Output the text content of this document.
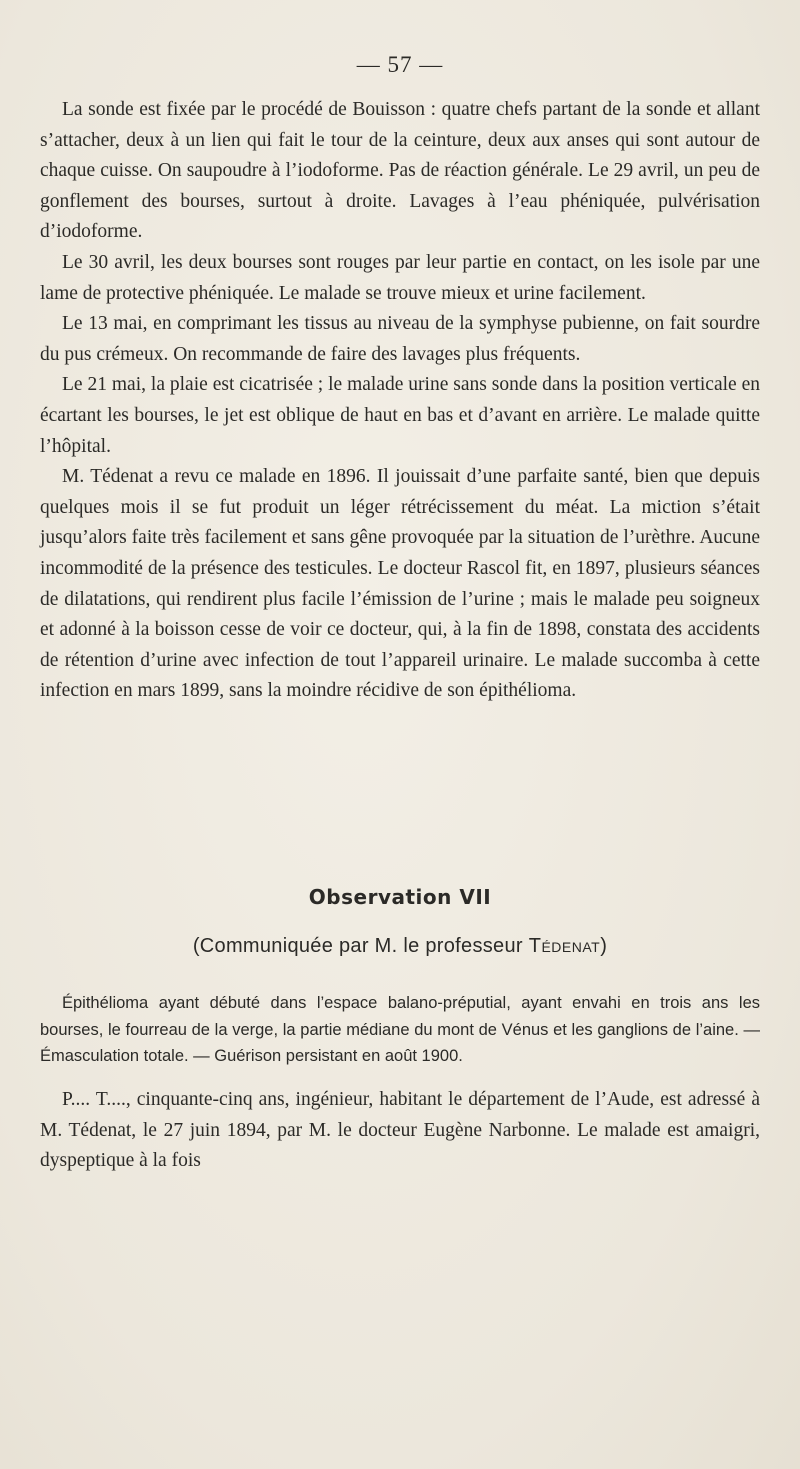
— 57 —

La sonde est fixée par le procédé de Bouisson : quatre chefs partant de la sonde et allant s’attacher, deux à un lien qui fait le tour de la ceinture, deux aux anses qui sont autour de chaque cuisse. On saupoudre à l’iodoforme. Pas de réaction générale. Le 29 avril, un peu de gonflement des bourses, surtout à droite. Lavages à l’eau phéniquée, pulvérisation d’iodoforme.

Le 30 avril, les deux bourses sont rouges par leur partie en contact, on les isole par une lame de protective phéniquée. Le malade se trouve mieux et urine facilement.

Le 13 mai, en comprimant les tissus au niveau de la symphyse pubienne, on fait sourdre du pus crémeux. On recommande de faire des lavages plus fréquents.

Le 21 mai, la plaie est cicatrisée ; le malade urine sans sonde dans la position verticale en écartant les bourses, le jet est oblique de haut en bas et d’avant en arrière. Le malade quitte l’hôpital.

M. Tédenat a revu ce malade en 1896. Il jouissait d’une parfaite santé, bien que depuis quelques mois il se fut produit un léger rétrécissement du méat. La miction s’était jusqu’alors faite très facilement et sans gêne provoquée par la situation de l’urèthre. Aucune incommodité de la présence des testicules. Le docteur Rascol fit, en 1897, plusieurs séances de dilatations, qui rendirent plus facile l’émission de l’urine ; mais le malade peu soigneux et adonné à la boisson cesse de voir ce docteur, qui, à la fin de 1898, constata des accidents de rétention d’urine avec infection de tout l’appareil urinaire. Le malade succomba à cette infection en mars 1899, sans la moindre récidive de son épithélioma.

Observation VII
(Communiquée par M. le professeur Tédenat)

Épithélioma ayant débuté dans l’espace balano-préputial, ayant envahi en trois ans les bourses, le fourreau de la verge, la partie médiane du mont de Vénus et les ganglions de l’aine. — Émasculation totale. — Guérison persistant en août 1900.

P.... T...., cinquante-cinq ans, ingénieur, habitant le département de l’Aude, est adressé à M. Tédenat, le 27 juin 1894, par M. le docteur Eugène Narbonne. Le malade est amaigri, dyspeptique à la fois
